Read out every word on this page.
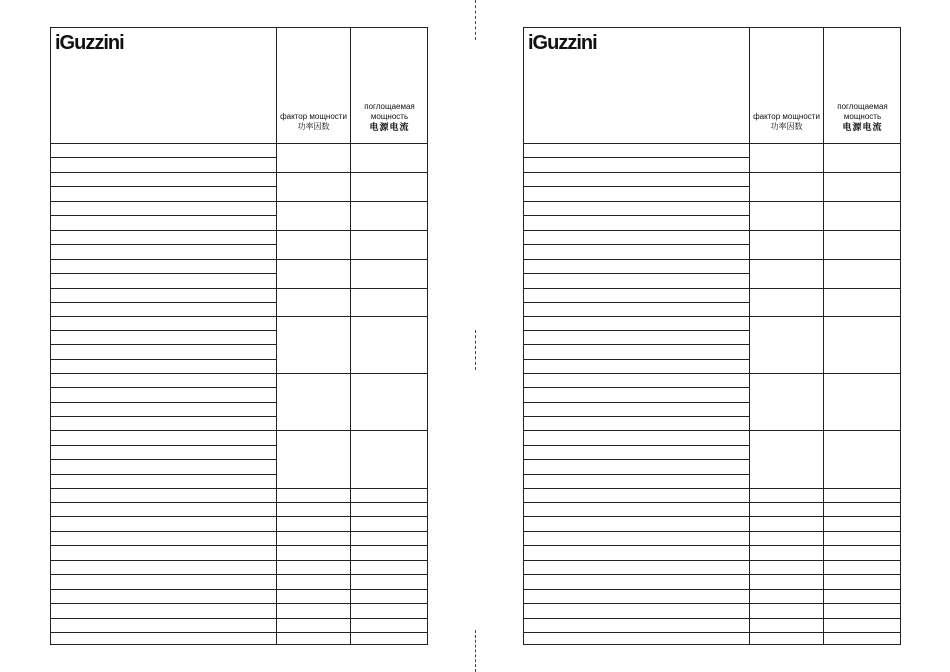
iGuzzini
фактор мощности
功率因数
поглощаемая
мощность
电源电流
iGuzzini
фактор мощности
功率因数
поглощаемая
мощность
电源电流
